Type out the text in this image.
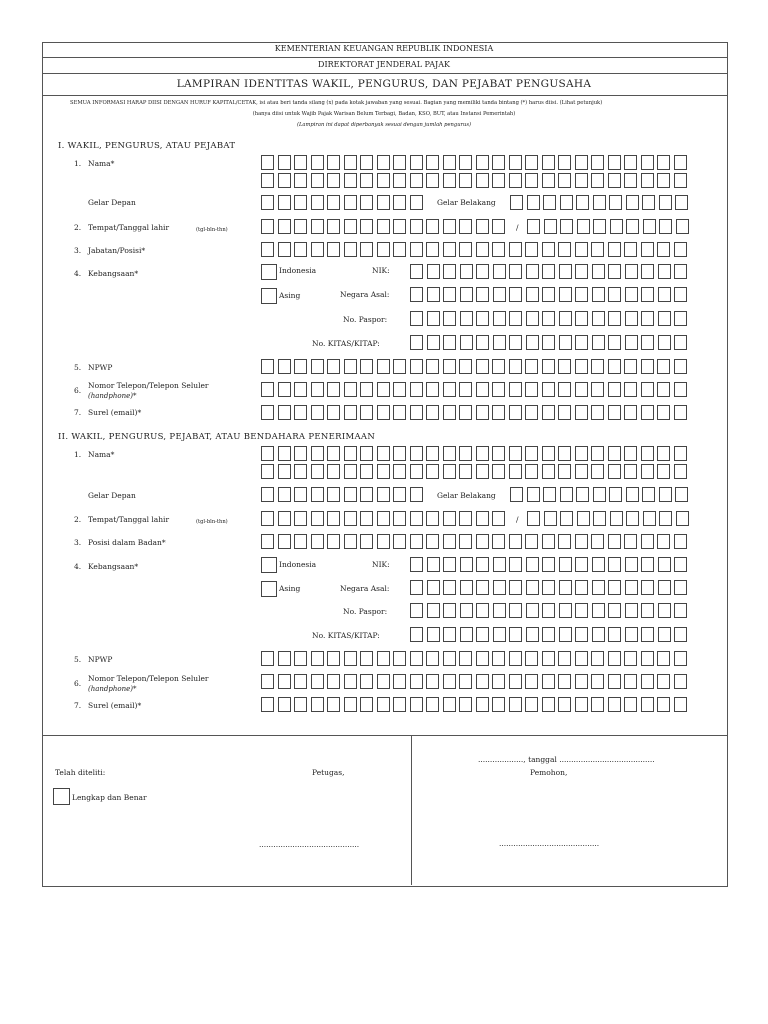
KEMENTERIAN KEUANGAN REPUBLIK INDONESIA
DIREKTORAT JENDERAL PAJAK
LAMPIRAN IDENTITAS WAKIL, PENGURUS, DAN PEJABAT PENGUSAHA
SEMUA INFORMASI HARAP DIISI DENGAN HURUF KAPITAL/CETAK, isi atau beri tanda silang (x) pada kotak jawaban yang sesuai. Bagian yang memiliki tanda bintang (*) harus diisi. (Lihat petunjuk)
(hanya diisi untuk Wajib Pajak Warisan Belum Terbagi, Badan, KSO, BUT, atau Instansi Pemerintah)
(Lampiran ini dapat diperbanyak sesuai dengan jumlah pengurus)
I. WAKIL, PENGURUS, ATAU PEJABAT
1. Nama*
Gelar Depan	Gelar Belakang
2. Tempat/Tanggal lahir	(tgl-bln-thn)	/
3. Jabatan/Posisi*
4. Kebangsaan*	Indonesia	NIK:
Asing	Negara Asal:
No. Paspor:
No. KITAS/KITAP:
5. NPWP
6.
Nomor Telepon/Telepon Seluler
(handphone)*
7. Surel (email)*
II. WAKIL, PENGURUS, PEJABAT, ATAU BENDAHARA PENERIMAAN
1. Nama*
Gelar Depan	Gelar Belakang
2. Tempat/Tanggal lahir	(tgl-bln-thn)	/
3. Posisi dalam Badan*
4. Kebangsaan*	Indonesia	NIK:
Asing	Negara Asal:
No. Paspor:
No. KITAS/KITAP:
5. NPWP
6.
Nomor Telepon/Telepon Seluler
(handphone)*
7. Surel (email)*
Telah diteliti:	Petugas,
Lengkap dan Benar
..........................................
..................., tanggal ........................................
Pemohon,
..........................................
